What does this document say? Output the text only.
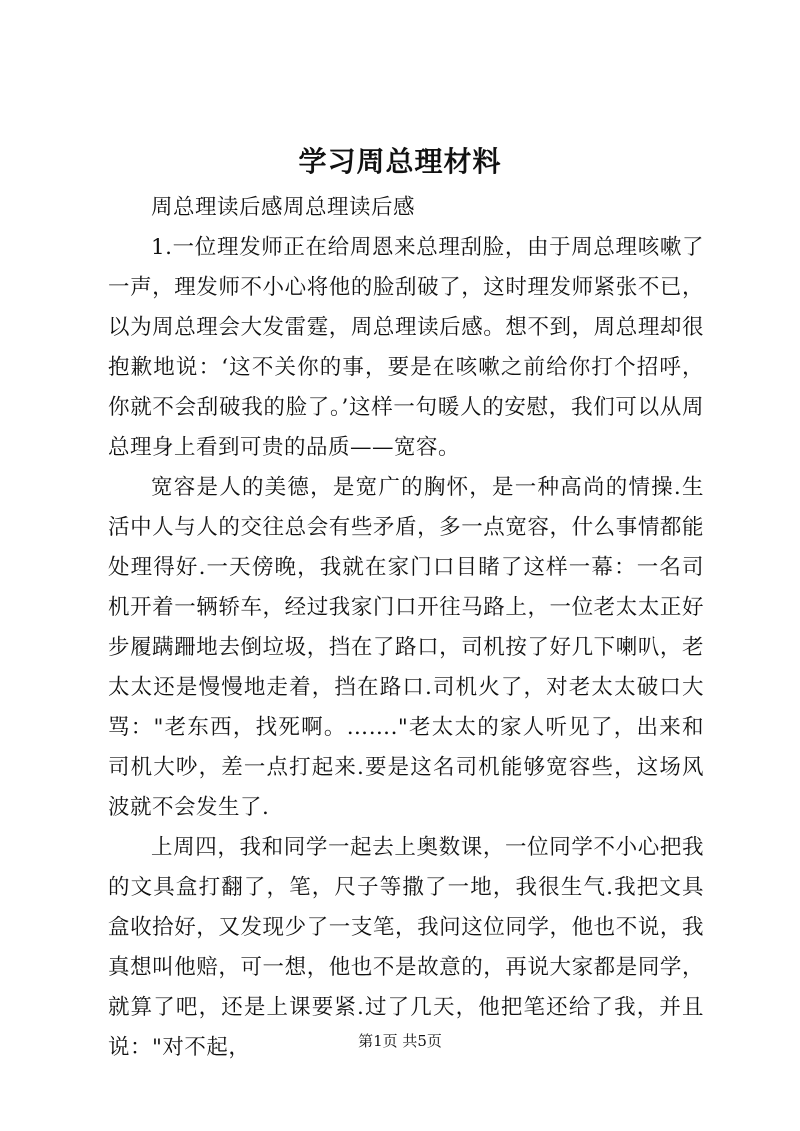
学习周总理材料

周总理读后感周总理读后感

1.一位理发师正在给周恩来总理刮脸，由于周总理咳嗽了一声，理发师不小心将他的脸刮破了，这时理发师紧张不已，以为周总理会大发雷霆，周总理读后感。想不到，周总理却很抱歉地说：‘这不关你的事，要是在咳嗽之前给你打个招呼，你就不会刮破我的脸了。’这样一句暖人的安慰，我们可以从周总理身上看到可贵的品质——宽容。

宽容是人的美德，是宽广的胸怀，是一种高尚的情操.生活中人与人的交往总会有些矛盾，多一点宽容，什么事情都能处理得好.一天傍晚，我就在家门口目睹了这样一幕：一名司机开着一辆轿车，经过我家门口开往马路上，一位老太太正好步履蹒跚地去倒垃圾，挡在了路口，司机按了好几下喇叭，老太太还是慢慢地走着，挡在路口.司机火了，对老太太破口大骂："老东西，找死啊。……."老太太的家人听见了，出来和司机大吵，差一点打起来.要是这名司机能够宽容些，这场风波就不会发生了.

上周四，我和同学一起去上奥数课，一位同学不小心把我的文具盒打翻了，笔，尺子等撒了一地，我很生气.我把文具盒收拾好，又发现少了一支笔，我问这位同学，他也不说，我真想叫他赔，可一想，他也不是故意的，再说大家都是同学，就算了吧，还是上课要紧.过了几天，他把笔还给了我，并且说："对不起，	第1页 共5页
